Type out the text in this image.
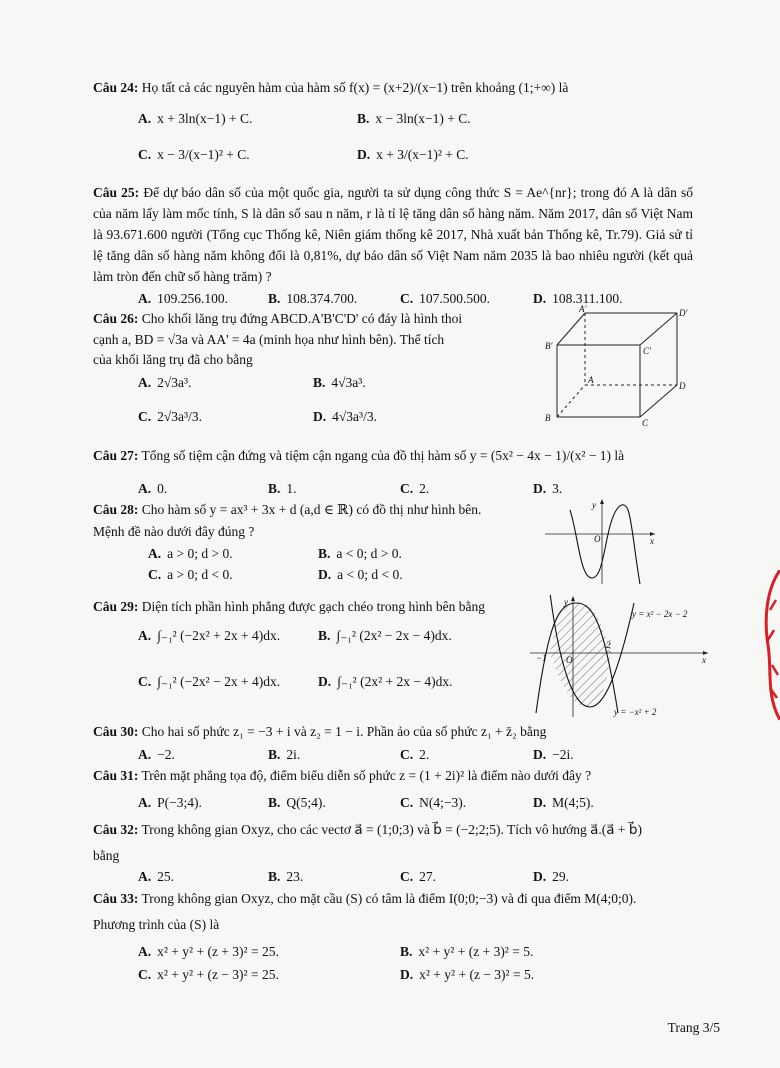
Câu 24: Họ tất cả các nguyên hàm của hàm số f(x) = (x+2)/(x−1) trên khoảng (1;+∞) là
A. x + 3ln(x−1) + C.	B. x − 3ln(x−1) + C.
C. x − 3/(x−1)² + C.	D. x + 3/(x−1)² + C.
Câu 25: Để dự báo dân số của một quốc gia, người ta sử dụng công thức S = Ae^{nr}; trong đó A là dân số của năm lấy làm mốc tính, S là dân số sau n năm, r là tỉ lệ tăng dân số hàng năm. Năm 2017, dân số Việt Nam là 93.671.600 người (Tổng cục Thống kê, Niên giám thống kê 2017, Nhà xuất bản Thống kê, Tr.79). Giả sử tỉ lệ tăng dân số hàng năm không đổi là 0,81%, dự báo dân số Việt Nam năm 2035 là bao nhiêu người (kết quả làm tròn đến chữ số hàng trăm) ?
A. 109.256.100.	B. 108.374.700.	C. 107.500.500.	D. 108.311.100.
Câu 26: Cho khối lăng trụ đứng ABCD.A'B'C'D' có đáy là hình thoi
cạnh a, BD = √3a và AA' = 4a (minh họa như hình bên). Thể tích
của khối lăng trụ đã cho bằng
A. 2√3a³.	B. 4√3a³.
C. 2√3a³/3.	D. 4√3a³/3.
A'	D'
B'	C'
A
D
B	C
Câu 27: Tổng số tiệm cận đứng và tiệm cận ngang của đồ thị hàm số y = (5x² − 4x − 1)/(x² − 1) là
A. 0.	B. 1.	C. 2.	D. 3.
Câu 28: Cho hàm số y = ax³ + 3x + d (a,d ∈ ℝ) có đồ thị như hình bên.
Mệnh đề nào dưới đây đúng ?
A. a > 0; d > 0.	B. a < 0; d > 0.
C. a > 0; d < 0.	D. a < 0; d < 0.
y
O	x
Câu 29: Diện tích phần hình phẳng được gạch chéo trong hình bên bằng
A. ∫₋₁² (−2x² + 2x + 4)dx.	B. ∫₋₁² (2x² − 2x − 4)dx.
C. ∫₋₁² (−2x² − 2x + 4)dx.	D. ∫₋₁² (2x² + 2x − 4)dx.
y = x² − 2x − 2
y = −x² + 2
−1 O
2
x
y
Câu 30: Cho hai số phức z₁ = −3 + i và z₂ = 1 − i. Phần ảo của số phức z₁ + z̄₂ bằng
A. −2.	B. 2i.	C. 2.	D. −2i.
Câu 31: Trên mặt phẳng tọa độ, điểm biểu diễn số phức z = (1 + 2i)² là điểm nào dưới đây ?
A. P(−3;4).	B. Q(5;4).	C. N(4;−3).	D. M(4;5).
Câu 32: Trong không gian Oxyz, cho các vectơ a⃗ = (1;0;3) và b⃗ = (−2;2;5). Tích vô hướng a⃗.(a⃗ + b⃗)
bằng
A. 25.	B. 23.	C. 27.	D. 29.
Câu 33: Trong không gian Oxyz, cho mặt cầu (S) có tâm là điểm I(0;0;−3) và đi qua điểm M(4;0;0).
Phương trình của (S) là
A. x² + y² + (z + 3)² = 25.	B. x² + y² + (z + 3)² = 5.
C. x² + y² + (z − 3)² = 25.	D. x² + y² + (z − 3)² = 5.
Trang 3/5
